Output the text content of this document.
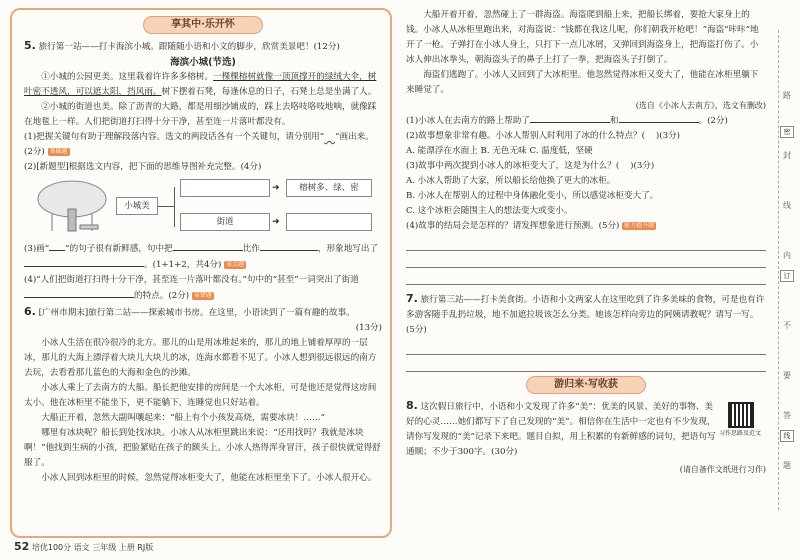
享其中·乐开怀
5. 旅行第一站——打卡海滨小城。跟随随小语和小文的脚步，欣赏美景吧！(12分)
海滨小城(节选)

①小城的公园更美。这里栽着许许多多榕树。一棵棵榕树就像一顶顶撑开的绿绒大伞，树叶密不透风，可以遮太阳，挡风雨。树下摆着石凳，每逢休息的日子，石凳上总是坐满了人。

②小城的街道也美。除了沥青的大路，都是用细沙铺成的，踩上去咯吱咯吱地响，就像踩在地毯上一样。人们把街道打扫得十分干净，甚至连一片落叶都没有。

(1)把握关键句有助于理解段落内容。选文的两段话各有一个关键句，请分别用“ ”画出来。(2分) 基础题

(2)[新题型]根据选文内容，把下面的思维导图补充完整。(4分)

小城美
榕树多、绿、密
街道
➜
➜

(3)画“ ”的句子很有新鲜感，句中把	比作	，形象地写出了。(1+1+2，共4分) 重点题

(4)“人们把街道打扫得十分干净，甚至连一片落叶都没有。”句中的“甚至”一词突出了街道的特点。(2分) 易错题

6. [广州市期末]旅行第二站——探索城市书房。在这里，小语读到了一篇有趣的故事。
(13分)

小冰人生活在很冷很冷的北方。那儿的山是用冰堆起来的，那儿的地上铺着厚厚的一层冰，那儿的大海上漂浮着大块儿大块儿的冰，连海水都看不见了。小冰人想到很远很远的南方去玩，去看看那儿蓝色的大海和金色的沙滩。

小冰人乘上了去南方的大船。船长把他安排的房间是一个大冰柜，可是他还是觉得这房间太小。他在冰柜里不能坐下，更不能躺下，连睡觉也只好站着。

大船正开着，忽然大副叫嚷起来：“船上有个小孩发高烧，需要冰块！……”

哪里有冰块呢？船长到处找冰块。小冰人从冰柜里跳出来说：“还用找吗？我就是冰块啊！”他找到生病的小孩，把脸紧贴在孩子的额头上。小冰人热得浑身冒汗，孩子很快就觉得舒服了。

小冰人回到冰柜里的时候，忽然觉得冰柜变大了，他能在冰柜里坐下了。小冰人很开心。

52 培优100分 语文 三年级 上册 RJ版

大船开着开着，忽然碰上了一群海盗。海盗爬到船上来，把船长绑着，要抢大家身上的钱。小冰人从冰柜里跑出来，对海盗说：“钱都在我这儿呢，你们朝我开枪吧！”海盗“咔咔”地开了一枪。子弹打在小冰人身上，只打下一点儿冰屑，又弹回到海盗身上，把海盗打伤了。小冰人伸出冰拳头，朝海盗头子的鼻子上打了一拳，把海盗头子打倒了。

海盗们逃跑了。小冰人又回到了大冰柜里。他忽然觉得冰柜又变大了，他能在冰柜里躺下来睡觉了。

(选自《小冰人去南方》，选文有删改)

(1)小冰人在去南方的路上帮助了	和	。(2分)

(2)故事想象非常有趣。小冰人帮别人时利用了冰的什么特点？( )(3分)

A. 能漂浮在水面上 B. 无色无味 C. 温度低，坚硬

(3)故事中两次提到小冰人的冰柜变大了，这是为什么？( )(3分)

A. 小冰人帮助了大家，所以船长给他换了更大的冰柜。

B. 小冰人在帮别人的过程中身体融化变小，所以感觉冰柜变大了。

C. 这个冰柜会随围主人的想法变大或变小。

(4)故事的结局会是怎样的？请发挥想象进行预测。(5分) 能力提升题

7. 旅行第三站——打卡美食街。小语和小文两家人在这里吃到了许多美味的食物，可是也有许多游客随手乱扔垃圾，地不加遮拉圾该怎么分类。她该怎样向旁边的阿姨请教呢？请写一写。(5分)
游归来·写收获
8. 这次假日旅行中，小语和小文发现了许多“美”：优美的风景、美好的事物、美好的心灵……她们都写下了自己发现的“美”。相信你在生活中一定也有不少发现，请你写发现的“美”记录下来吧。题目自拟，用上积累的有新鲜感的词句，把语句写通顺；不少于300字。(30分)
习作思路及范文
(请自备作文纸进行习作)
路
密
封
线
内
订
不
要
答
线
题
